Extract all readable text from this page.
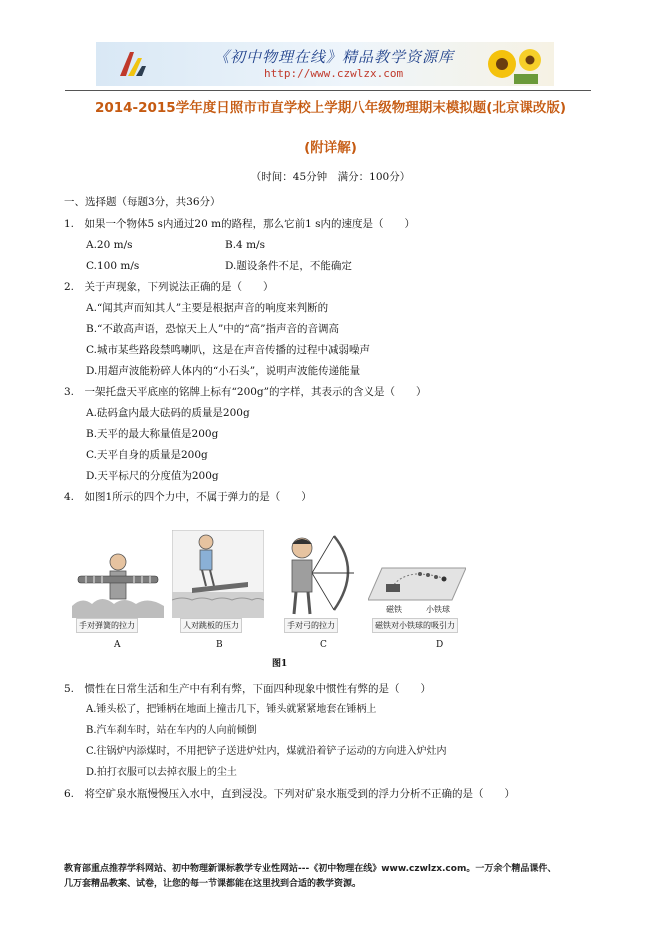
《初中物理在线》精品教学资源库
http://www.czwlzx.com
2014-2015学年度日照市市直学校上学期八年级物理期末模拟题(北京课改版)
(附详解)
（时间：45分钟　满分：100分）
一、选择题（每题3分，共36分）
1.　如果一个物体5 s内通过20 m的路程，那么它前1 s内的速度是（　　）
A.20 m/s	B.4 m/s
C.100 m/s	D.题设条件不足，不能确定
2.　关于声现象，下列说法正确的是（　　）
A.“闻其声而知其人”主要是根据声音的响度来判断的
B.“不敢高声语，恐惊天上人”中的“高”指声音的音调高
C.城市某些路段禁鸣喇叭，这是在声音传播的过程中减弱噪声
D.用超声波能粉碎人体内的“小石头”，说明声波能传递能量
3.　一架托盘天平底座的铭牌上标有“200g”的字样，其表示的含义是（　　）
A.砝码盒内最大砝码的质量是200g
B.天平的最大称量值是200g
C.天平自身的质量是200g
D.天平标尺的分度值为200g
4.　如图1所示的四个力中，不属于弹力的是（　　）
手对弹簧的拉力
A
人对跳板的压力
B
手对弓的拉力
C
磁铁对小铁球的吸引力
磁铁	小铁球
D
图1
5.　惯性在日常生活和生产中有利有弊，下面四种现象中惯性有弊的是（　　）
A.锤头松了，把锤柄在地面上撞击几下，锤头就紧紧地套在锤柄上
B.汽车刹车时，站在车内的人向前倾倒
C.往锅炉内添煤时，不用把铲子送进炉灶内，煤就沿着铲子运动的方向进入炉灶内
D.拍打衣服可以去掉衣服上的尘土
6.　将空矿泉水瓶慢慢压入水中，直到浸没。下列对矿泉水瓶受到的浮力分析不正确的是（　　）
教育部重点推荐学科网站、初中物理新课标教学专业性网站---《初中物理在线》www.czwlzx.com。一万余个精品课件、
几万套精品教案、试卷，让您的每一节课都能在这里找到合适的教学资源。
